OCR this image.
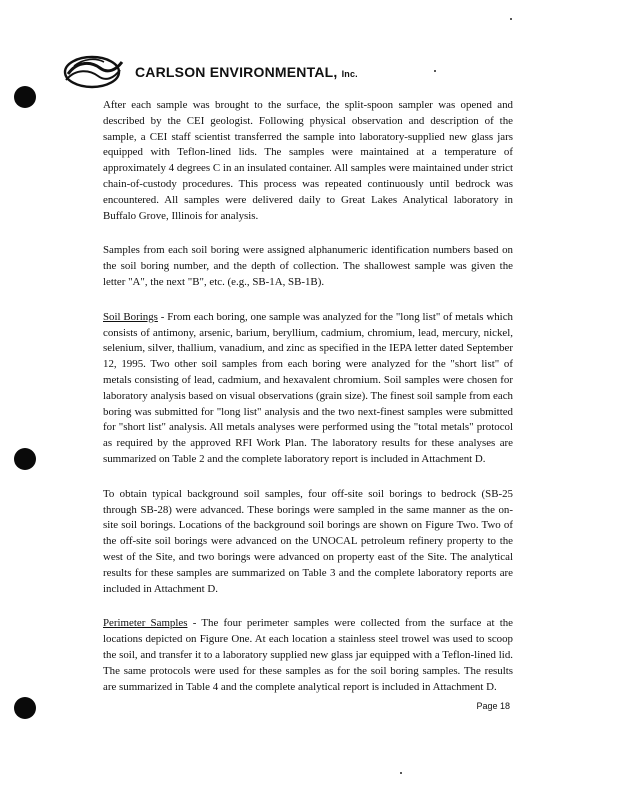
CARLSON ENVIRONMENTAL, Inc.

After each sample was brought to the surface, the split-spoon sampler was opened and described by the CEI geologist. Following physical observation and description of the sample, a CEI staff scientist transferred the sample into laboratory-supplied new glass jars equipped with Teflon-lined lids. The samples were maintained at a temperature of approximately 4 degrees C in an insulated container. All samples were maintained under strict chain-of-custody procedures. This process was repeated continuously until bedrock was encountered. All samples were delivered daily to Great Lakes Analytical laboratory in Buffalo Grove, Illinois for analysis.

Samples from each soil boring were assigned alphanumeric identification numbers based on the soil boring number, and the depth of collection. The shallowest sample was given the letter "A", the next "B", etc. (e.g., SB-1A, SB-1B).

Soil Borings - From each boring, one sample was analyzed for the "long list" of metals which consists of antimony, arsenic, barium, beryllium, cadmium, chromium, lead, mercury, nickel, selenium, silver, thallium, vanadium, and zinc as specified in the IEPA letter dated September 12, 1995. Two other soil samples from each boring were analyzed for the "short list" of metals consisting of lead, cadmium, and hexavalent chromium. Soil samples were chosen for laboratory analysis based on visual observations (grain size). The finest soil sample from each boring was submitted for "long list" analysis and the two next-finest samples were submitted for "short list" analysis. All metals analyses were performed using the "total metals" protocol as required by the approved RFI Work Plan. The laboratory results for these analyses are summarized on Table 2 and the complete laboratory report is included in Attachment D.

To obtain typical background soil samples, four off-site soil borings to bedrock (SB-25 through SB-28) were advanced. These borings were sampled in the same manner as the on-site soil borings. Locations of the background soil borings are shown on Figure Two. Two of the off-site soil borings were advanced on the UNOCAL petroleum refinery property to the west of the Site, and two borings were advanced on property east of the Site. The analytical results for these samples are summarized on Table 3 and the complete laboratory reports are included in Attachment D.

Perimeter Samples - The four perimeter samples were collected from the surface at the locations depicted on Figure One. At each location a stainless steel trowel was used to scoop the soil, and transfer it to a laboratory supplied new glass jar equipped with a Teflon-lined lid. The same protocols were used for these samples as for the soil boring samples. The results are summarized in Table 4 and the complete analytical report is included in Attachment D.

Page 18
